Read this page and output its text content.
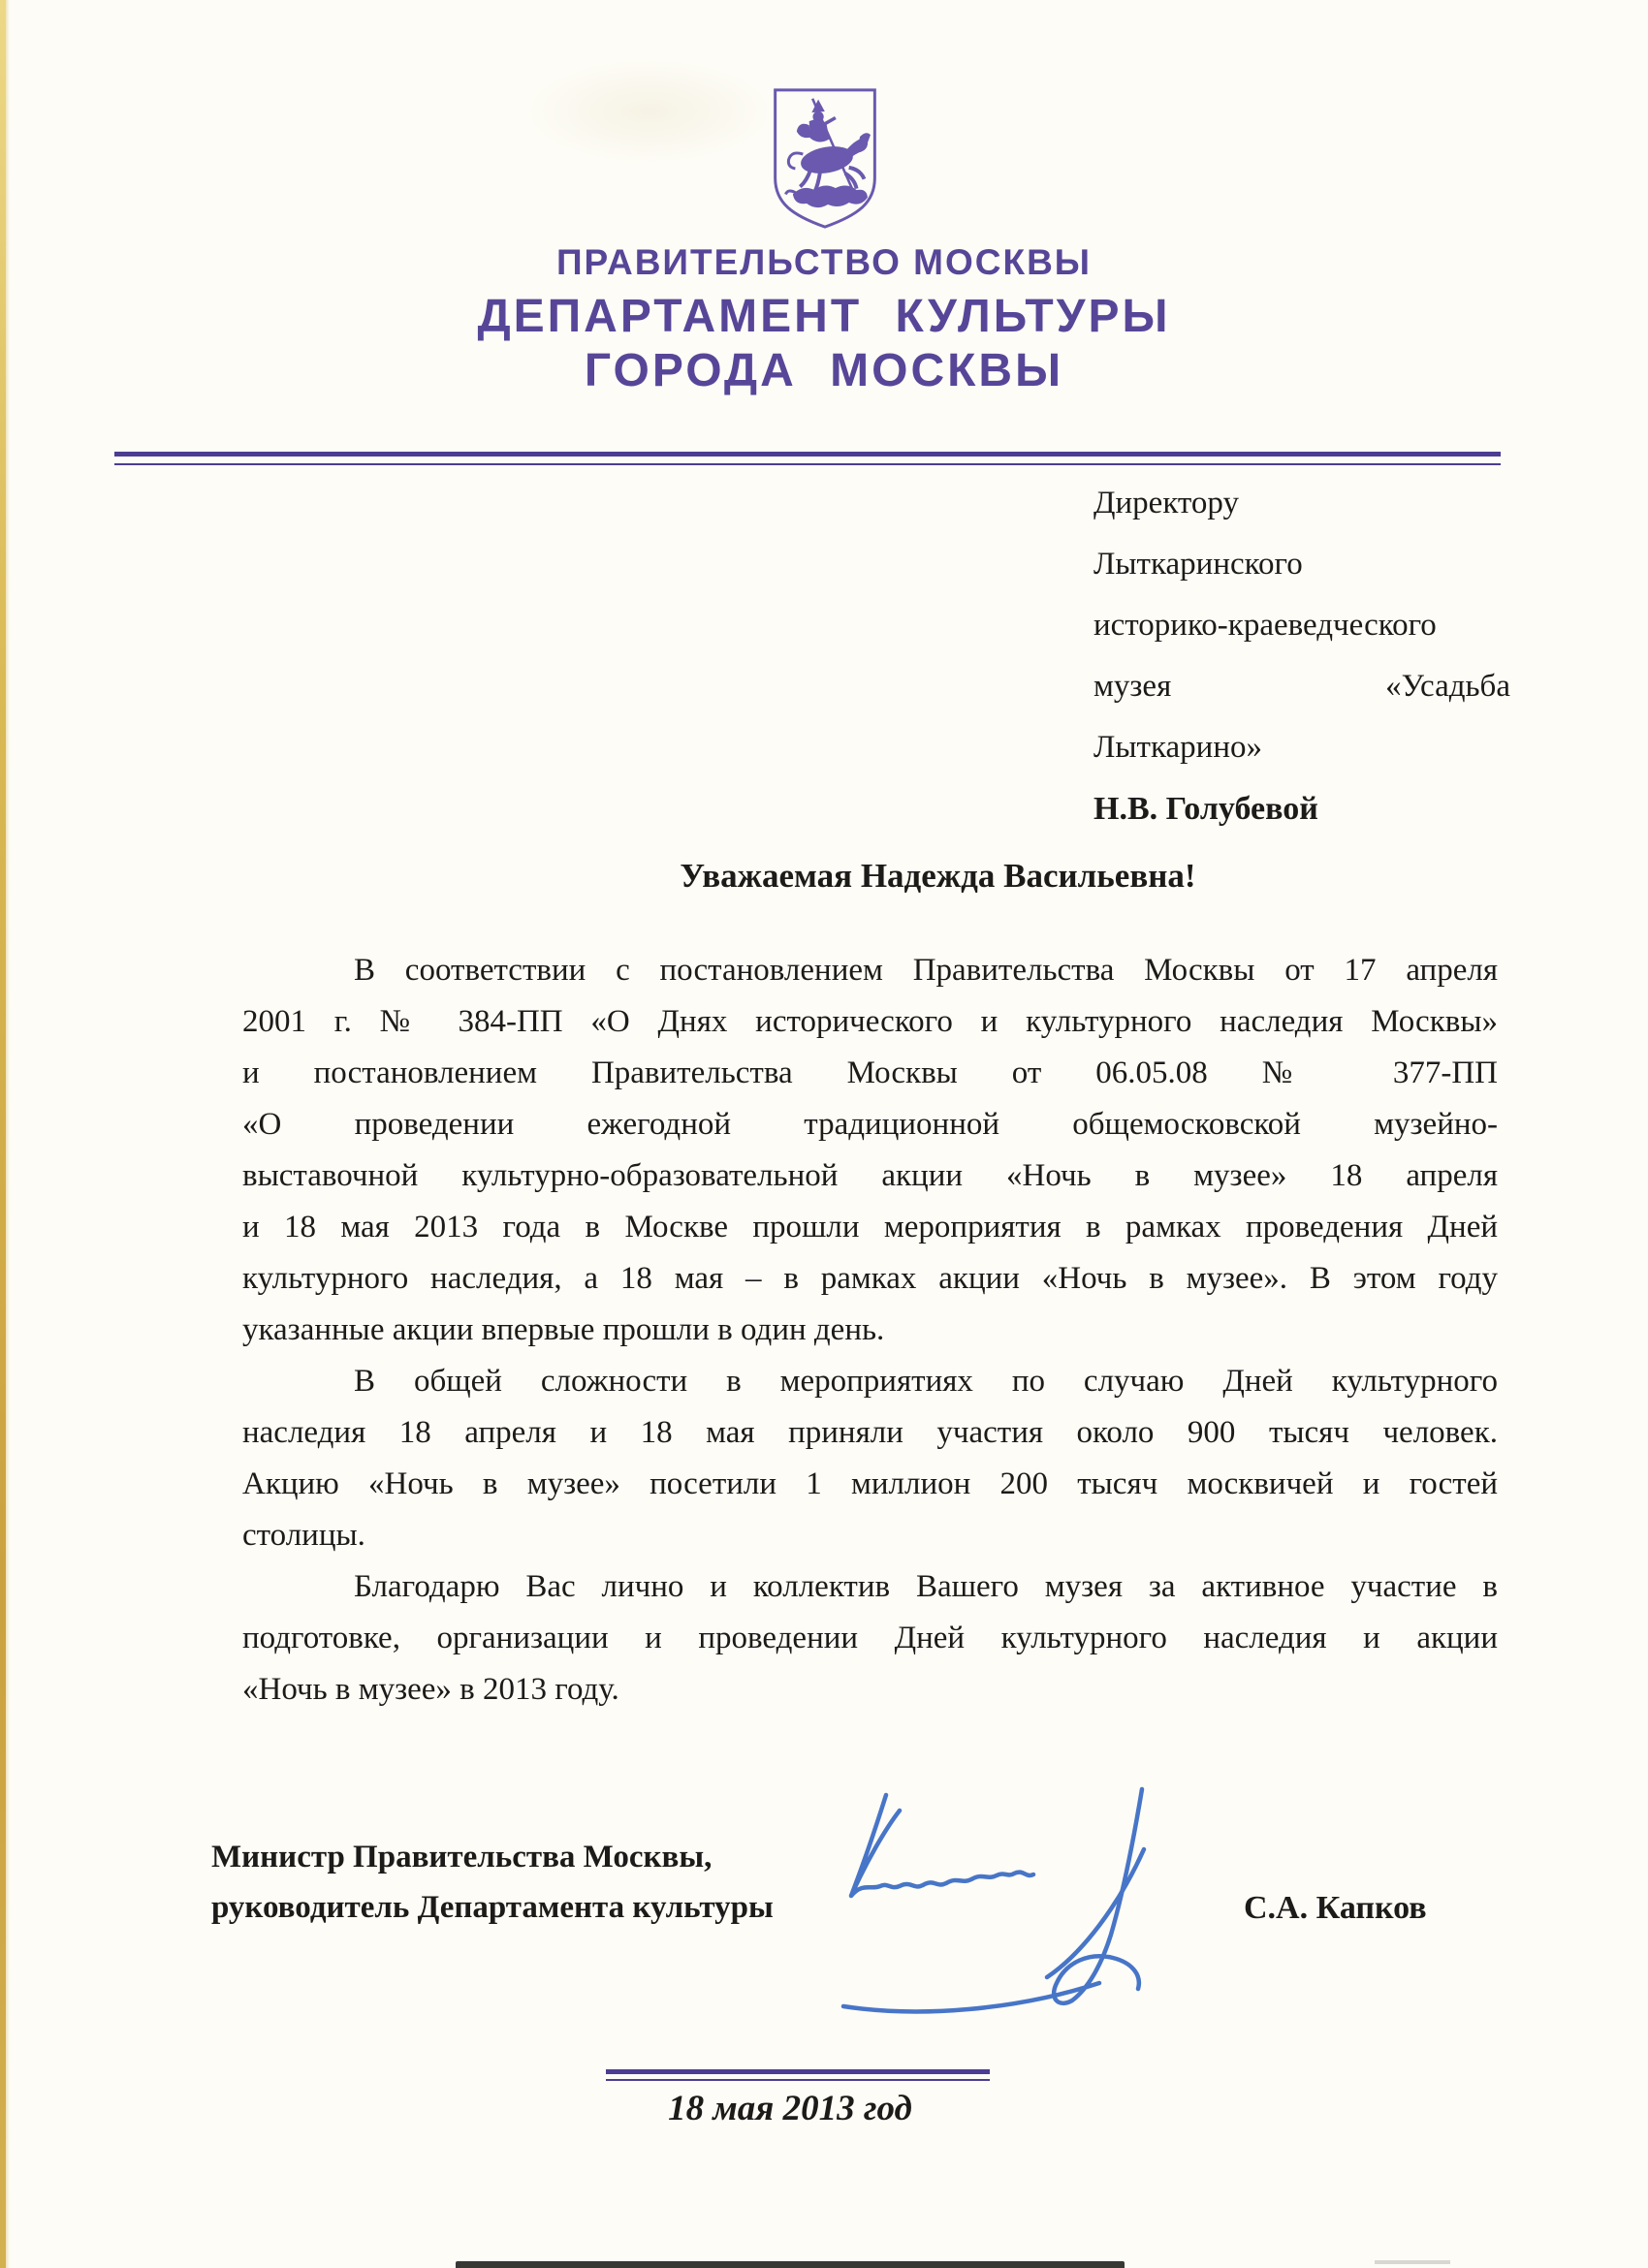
ПРАВИТЕЛЬСТВО МОСКВЫ
ДЕПАРТАМЕНТ КУЛЬТУРЫ
ГОРОДА МОСКВЫ
Директору
Лыткаринского
историко-краеведческого
музея «Усадьба
Лыткарино»
Н.В. Голубевой
Уважаемая Надежда Васильевна!
В соответствии с постановлением Правительства Москвы от 17 апреля
2001 г. № 384-ПП «О Днях исторического и культурного наследия Москвы»
и постановлением Правительства Москвы от 06.05.08 № 377-ПП
«О проведении ежегодной традиционной общемосковской музейно-
выставочной культурно-образовательной акции «Ночь в музее» 18 апреля
и 18 мая 2013 года в Москве прошли мероприятия в рамках проведения Дней
культурного наследия, а 18 мая – в рамках акции «Ночь в музее». В этом году
указанные акции впервые прошли в один день.
В общей сложности в мероприятиях по случаю Дней культурного
наследия 18 апреля и 18 мая приняли участия около 900 тысяч человек.
Акцию «Ночь в музее» посетили 1 миллион 200 тысяч москвичей и гостей
столицы.
Благодарю Вас лично и коллектив Вашего музея за активное участие в
подготовке, организации и проведении Дней культурного наследия и акции
«Ночь в музее» в 2013 году.
Министр Правительства Москвы,
руководитель Департамента культуры	С.А. Капков
18 мая 2013 год
